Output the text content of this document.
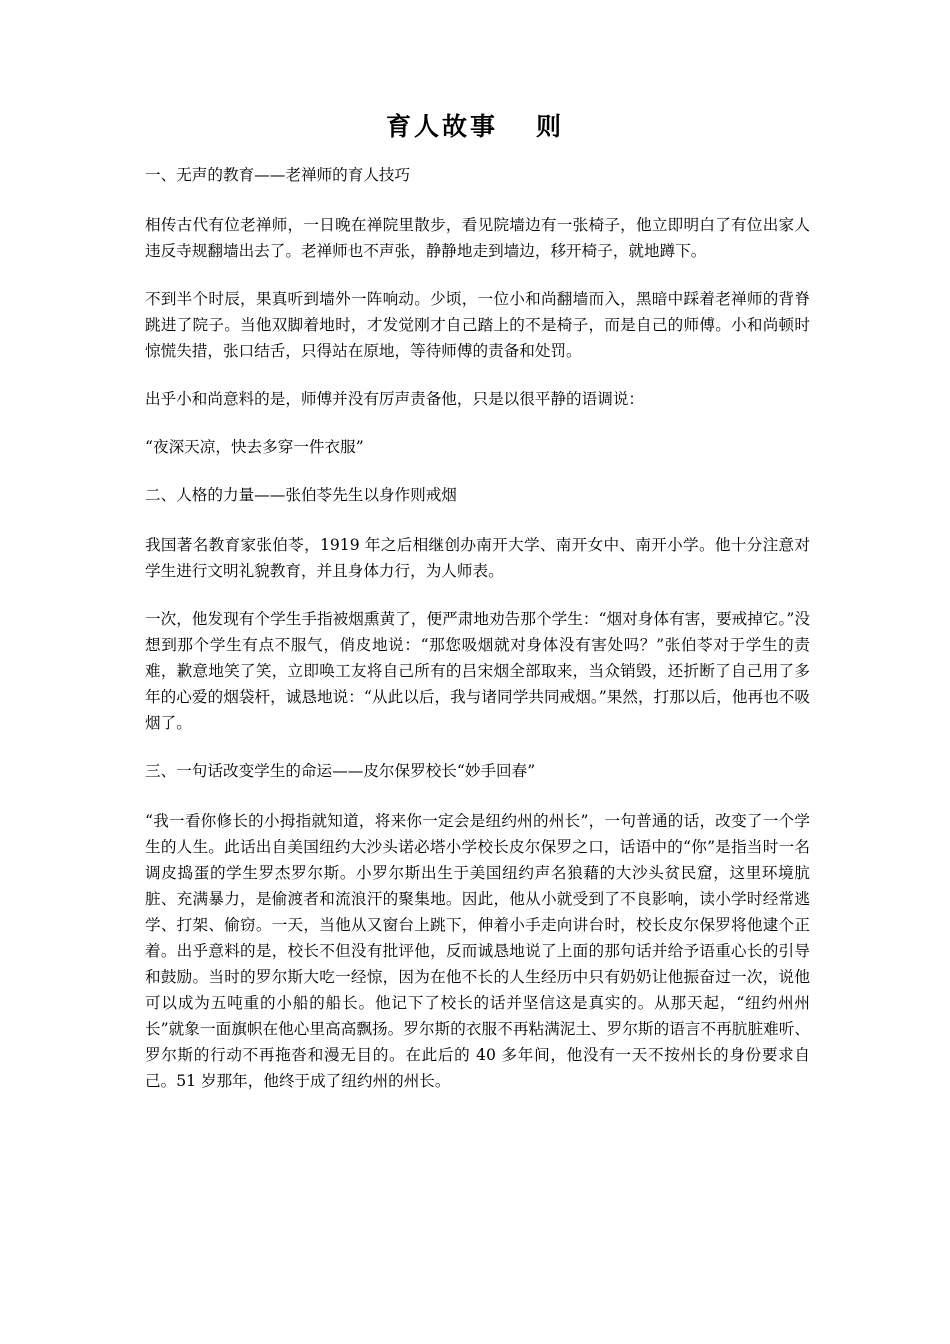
育人故事 则

一、无声的教育——老禅师的育人技巧

相传古代有位老禅师，一日晚在禅院里散步，看见院墙边有一张椅子，他立即明白了有位出家人违反寺规翻墙出去了。老禅师也不声张，静静地走到墙边，移开椅子，就地蹲下。

不到半个时辰，果真听到墙外一阵响动。少顷，一位小和尚翻墙而入，黑暗中踩着老禅师的背脊跳进了院子。当他双脚着地时，才发觉刚才自己踏上的不是椅子，而是自己的师傅。小和尚顿时惊慌失措，张口结舌，只得站在原地，等待师傅的责备和处罚。

出乎小和尚意料的是，师傅并没有厉声责备他，只是以很平静的语调说：

“夜深天凉，快去多穿一件衣服”

二、人格的力量——张伯苓先生以身作则戒烟

我国著名教育家张伯苓，1919 年之后相继创办南开大学、南开女中、南开小学。他十分注意对学生进行文明礼貌教育，并且身体力行，为人师表。

一次，他发现有个学生手指被烟熏黄了，便严肃地劝告那个学生：“烟对身体有害，要戒掉它。”没想到那个学生有点不服气，俏皮地说：“那您吸烟就对身体没有害处吗？”张伯苓对于学生的责难，歉意地笑了笑，立即唤工友将自己所有的吕宋烟全部取来，当众销毁，还折断了自己用了多年的心爱的烟袋杆，诚恳地说：“从此以后，我与诸同学共同戒烟。”果然，打那以后，他再也不吸烟了。

三、一句话改变学生的命运——皮尔保罗校长“妙手回春”

“我一看你修长的小拇指就知道，将来你一定会是纽约州的州长”，一句普通的话，改变了一个学生的人生。此话出自美国纽约大沙头诺必塔小学校长皮尔保罗之口，话语中的“你”是指当时一名调皮捣蛋的学生罗杰罗尔斯。小罗尔斯出生于美国纽约声名狼藉的大沙头贫民窟，这里环境肮脏、充满暴力，是偷渡者和流浪汗的聚集地。因此，他从小就受到了不良影响，读小学时经常逃学、打架、偷窃。一天，当他从又窗台上跳下，伸着小手走向讲台时，校长皮尔保罗将他逮个正着。出乎意料的是，校长不但没有批评他，反而诚恳地说了上面的那句话并给予语重心长的引导和鼓励。当时的罗尔斯大吃一经惊，因为在他不长的人生经历中只有奶奶让他振奋过一次，说他可以成为五吨重的小船的船长。他记下了校长的话并坚信这是真实的。从那天起，“纽约州州长”就象一面旗帜在他心里高高飘扬。罗尔斯的衣服不再粘满泥土、罗尔斯的语言不再肮脏难听、罗尔斯的行动不再拖沓和漫无目的。在此后的 40 多年间，他没有一天不按州长的身份要求自己。51 岁那年，他终于成了纽约州的州长。
